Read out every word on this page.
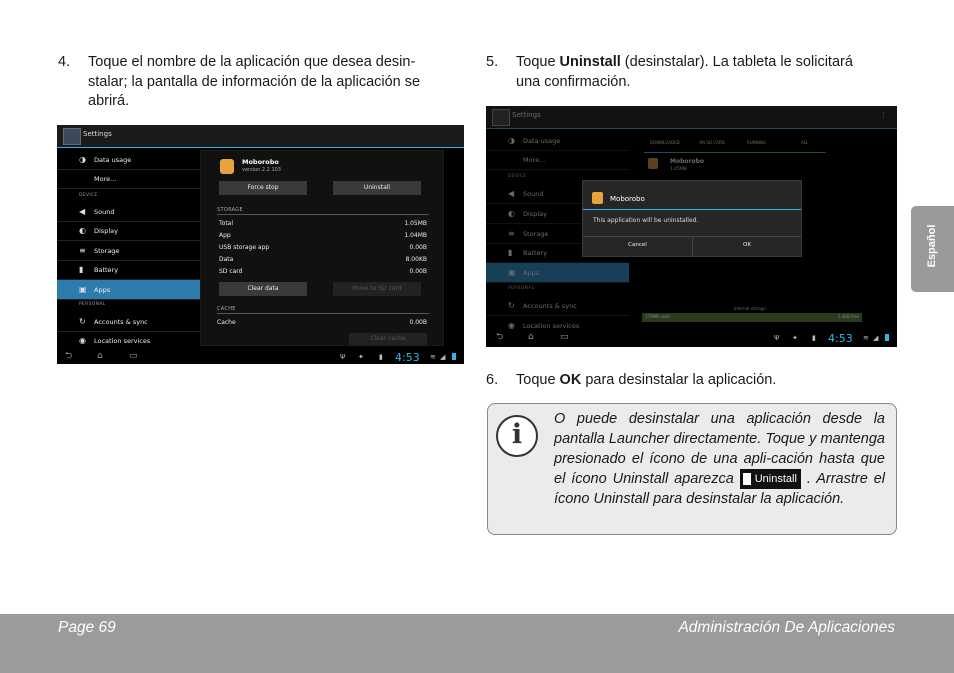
4. Toque el nombre de la aplicación que desea desin-
stalar; la pantalla de información de la aplicación se
abrirá.
5. Toque Uninstall (desinstalar). La tableta le solicitará
una confirmación.
Settings
◑ Data usage
More...
DEVICE
◀ Sound
◐ Display
≡ Storage
▮ Battery
▣ Apps
PERSONAL
↻ Accounts & sync
◉ Location services
Moborobo
version 2.2.103
Force stop	Uninstall
STORAGE
Total	1.05MB
App	1.04MB
USB storage app	0.00B
Data	8.00KB
SD card	0.00B
Clear data	Move to SD card
CACHE
Cache	0.00B
Clear cache
⮌	⌂	▭	Ψ ✦ ▮ 4:53 ≋ ◢
Settings	⋮
◑ Data usage
More...
DEVICE
◀ Sound
◐ Display
≡ Storage
▮ Battery
▣ Apps
PERSONAL
↻ Accounts & sync
◉ Location services
DOWNLOADED	ON SD CARD	RUNNING	ALL
Moborobo
1.05MB
Internal storage
179MB used	5.4GB free
Moborobo
This application will be uninstalled.
Cancel	OK
⮌	⌂	▭	Ψ ✦ ▮ 4:53 ≋ ◢
6. Toque OK para desinstalar la aplicación.
i	O puede desinstalar una aplicación desde la pantalla Launcher directamente. Toque y mantenga presionado el ícono de una apli-cación hasta que el ícono Uninstall aparezca Uninstall . Arrastre el ícono Uninstall para desinstalar la aplicación.
Español
Page 69	Administración De Aplicaciones
